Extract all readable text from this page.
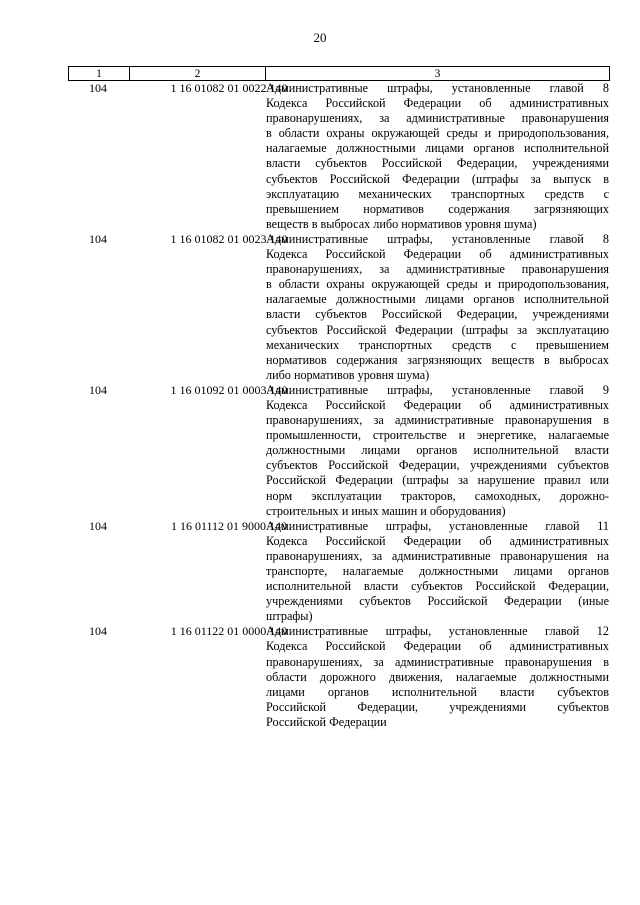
20
1	2	3
104	1 16 01082 01 0022 140
Административные штрафы, установленные главой 8
Кодекса Российской Федерации об административных
правонарушениях, за административные правонарушения
в области охраны окружающей среды и природопользования,
налагаемые должностными лицами органов исполнительной
власти субъектов Российской Федерации, учреждениями
субъектов Российской Федерации (штрафы за выпуск в
эксплуатацию механических транспортных средств с
превышением нормативов содержания загрязняющих
веществ в выбросах либо нормативов уровня шума)
104	1 16 01082 01 0023 140
Административные штрафы, установленные главой 8
Кодекса Российской Федерации об административных
правонарушениях, за административные правонарушения
в области охраны окружающей среды и природопользования,
налагаемые должностными лицами органов исполнительной
власти субъектов Российской Федерации, учреждениями
субъектов Российской Федерации (штрафы за эксплуатацию
механических транспортных средств с превышением
нормативов содержания загрязняющих веществ в выбросах
либо нормативов уровня шума)
104	1 16 01092 01 0003 140
Административные штрафы, установленные главой 9
Кодекса Российской Федерации об административных
правонарушениях, за административные правонарушения в
промышленности, строительстве и энергетике, налагаемые
должностными лицами органов исполнительной власти
субъектов Российской Федерации, учреждениями субъектов
Российской Федерации (штрафы за нарушение правил или
норм эксплуатации тракторов, самоходных, дорожно-
строительных и иных машин и оборудования)
104	1 16 01112 01 9000 140
Административные штрафы, установленные главой 11
Кодекса Российской Федерации об административных
правонарушениях, за административные правонарушения на
транспорте, налагаемые должностными лицами органов
исполнительной власти субъектов Российской Федерации,
учреждениями субъектов Российской Федерации (иные
штрафы)
104	1 16 01122 01 0000 140
Административные штрафы, установленные главой 12
Кодекса Российской Федерации об административных
правонарушениях, за административные правонарушения в
области дорожного движения, налагаемые должностными
лицами органов исполнительной власти субъектов
Российской Федерации, учреждениями субъектов
Российской Федерации
